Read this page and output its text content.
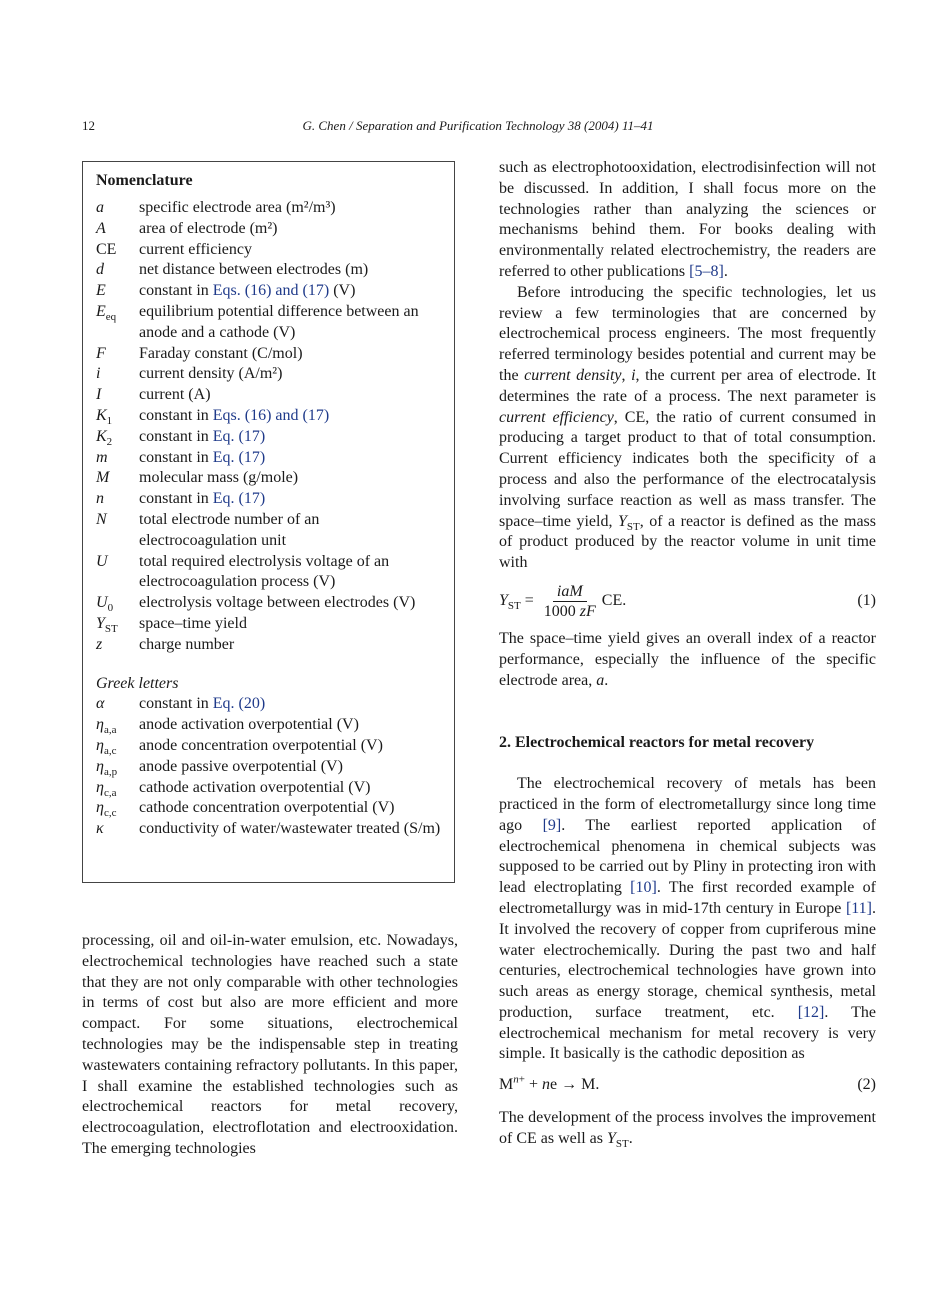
12	G. Chen / Separation and Purification Technology 38 (2004) 11–41
Nomenclature
a	specific electrode area (m²/m³)
A	area of electrode (m²)
CE	current efficiency
d	net distance between electrodes (m)
E	constant in Eqs. (16) and (17) (V)
$E_{eq}$	equilibrium potential difference between an anode and a cathode (V)
F	Faraday constant (C/mol)
i	current density (A/m²)
I	current (A)
$K_1$	constant in Eqs. (16) and (17)
$K_2$	constant in Eq. (17)
m	constant in Eq. (17)
M	molecular mass (g/mole)
n	constant in Eq. (17)
N	total electrode number of an electrocoagulation unit
U	total required electrolysis voltage of an electrocoagulation process (V)
$U_0$	electrolysis voltage between electrodes (V)
$Y_{ST}$	space–time yield
z	charge number
Greek letters
α	constant in Eq. (20)
$\eta_{a,a}$	anode activation overpotential (V)
$\eta_{a,c}$	anode concentration overpotential (V)
$\eta_{a,p}$	anode passive overpotential (V)
$\eta_{c,a}$	cathode activation overpotential (V)
$\eta_{c,c}$	cathode concentration overpotential (V)
κ	conductivity of water/wastewater treated (S/m)

processing, oil and oil-in-water emulsion, etc. Nowadays, electrochemical technologies have reached such a state that they are not only comparable with other technologies in terms of cost but also are more efficient and more compact. For some situations, electrochemical technologies may be the indispensable step in treating wastewaters containing refractory pollutants. In this paper, I shall examine the established technologies such as electrochemical reactors for metal recovery, electrocoagulation, electroflotation and electrooxidation. The emerging technologies

such as electrophotooxidation, electrodisinfection will not be discussed. In addition, I shall focus more on the technologies rather than analyzing the sciences or mechanisms behind them. For books dealing with environmentally related electrochemistry, the readers are referred to other publications [5–8].

Before introducing the specific technologies, let us review a few terminologies that are concerned by electrochemical process engineers. The most frequently referred terminology besides potential and current may be the current density, i, the current per area of electrode. It determines the rate of a process. The next parameter is current efficiency, CE, the ratio of current consumed in producing a target product to that of total consumption. Current efficiency indicates both the specificity of a process and also the performance of the electrocatalysis involving surface reaction as well as mass transfer. The space–time yield, $Y_{ST}$, of a reactor is defined as the mass of product produced by the reactor volume in unit time with

$Y_{ST} = \frac{\text{iaM}}{1000 zF}$ CE.	(1)

The space–time yield gives an overall index of a reactor performance, especially the influence of the specific electrode area, a.

2. Electrochemical reactors for metal recovery

The electrochemical recovery of metals has been practiced in the form of electrometallurgy since long time ago [9]. The earliest reported application of electrochemical phenomena in chemical subjects was supposed to be carried out by Pliny in protecting iron with lead electroplating [10]. The first recorded example of electrometallurgy was in mid-17th century in Europe [11]. It involved the recovery of copper from cupriferous mine water electrochemically. During the past two and half centuries, electrochemical technologies have grown into such areas as energy storage, chemical synthesis, metal production, surface treatment, etc. [12]. The electrochemical mechanism for metal recovery is very simple. It basically is the cathodic deposition as

$M^{n+}$ + ne → M.	(2)

The development of the process involves the improvement of CE as well as $Y_{ST}$.
